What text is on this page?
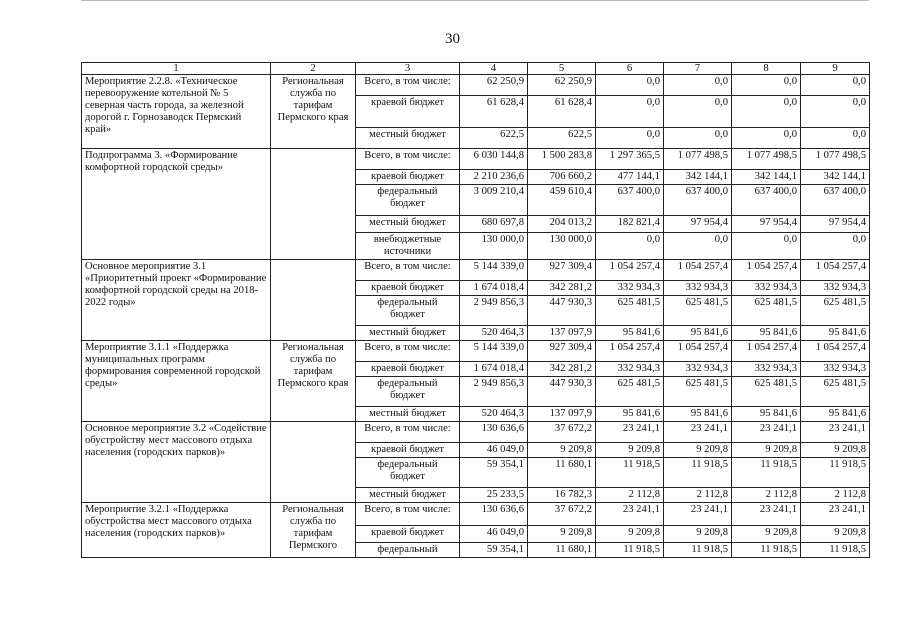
30
1	2	3	4	5	6	7	8	9
Мероприятие 2.2.8. «Техническое перевооружение котельной № 5 северная часть города, за железной дорогой г. Горнозаводск Пермский край»	Региональная служба по тарифам Пермского края	Всего, в том числе:	62 250,9	62 250,9	0,0	0,0	0,0	0,0
		краевой бюджет	61 628,4	61 628,4	0,0	0,0	0,0	0,0
		местный бюджет	622,5	622,5	0,0	0,0	0,0	0,0
Подпрограмма 3. «Формирование комфортной городской среды»		Всего, в том числе:	6 030 144,8	1 500 283,8	1 297 365,5	1 077 498,5	1 077 498,5	1 077 498,5
		краевой бюджет	2 210 236,6	706 660,2	477 144,1	342 144,1	342 144,1	342 144,1
		федеральный бюджет	3 009 210,4	459 610,4	637 400,0	637 400,0	637 400,0	637 400,0
		местный бюджет	680 697,8	204 013,2	182 821,4	97 954,4	97 954,4	97 954,4
		внебюджетные источники	130 000,0	130 000,0	0,0	0,0	0,0	0,0
Основное мероприятие 3.1 «Приоритетный проект «Формирование комфортной городской среды на 2018-2022 годы»		Всего, в том числе:	5 144 339,0	927 309,4	1 054 257,4	1 054 257,4	1 054 257,4	1 054 257,4
		краевой бюджет	1 674 018,4	342 281,2	332 934,3	332 934,3	332 934,3	332 934,3
		федеральный бюджет	2 949 856,3	447 930,3	625 481,5	625 481,5	625 481,5	625 481,5
		местный бюджет	520 464,3	137 097,9	95 841,6	95 841,6	95 841,6	95 841,6
Мероприятие 3.1.1 «Поддержка муниципальных программ формирования современной городской среды»	Региональная служба по тарифам Пермского края	Всего, в том числе:	5 144 339,0	927 309,4	1 054 257,4	1 054 257,4	1 054 257,4	1 054 257,4
		краевой бюджет	1 674 018,4	342 281,2	332 934,3	332 934,3	332 934,3	332 934,3
		федеральный бюджет	2 949 856,3	447 930,3	625 481,5	625 481,5	625 481,5	625 481,5
		местный бюджет	520 464,3	137 097,9	95 841,6	95 841,6	95 841,6	95 841,6
Основное мероприятие 3.2 «Содействие обустройству мест массового отдыха населения (городских парков)»		Всего, в том числе:	130 636,6	37 672,2	23 241,1	23 241,1	23 241,1	23 241,1
		краевой бюджет	46 049,0	9 209,8	9 209,8	9 209,8	9 209,8	9 209,8
		федеральный бюджет	59 354,1	11 680,1	11 918,5	11 918,5	11 918,5	11 918,5
		местный бюджет	25 233,5	16 782,3	2 112,8	2 112,8	2 112,8	2 112,8
Мероприятие 3.2.1 «Поддержка обустройства мест массового отдыха населения (городских парков)»	Региональная служба по тарифам Пермского	Всего, в том числе:	130 636,6	37 672,2	23 241,1	23 241,1	23 241,1	23 241,1
		краевой бюджет	46 049,0	9 209,8	9 209,8	9 209,8	9 209,8	9 209,8
		федеральный	59 354,1	11 680,1	11 918,5	11 918,5	11 918,5	11 918,5
